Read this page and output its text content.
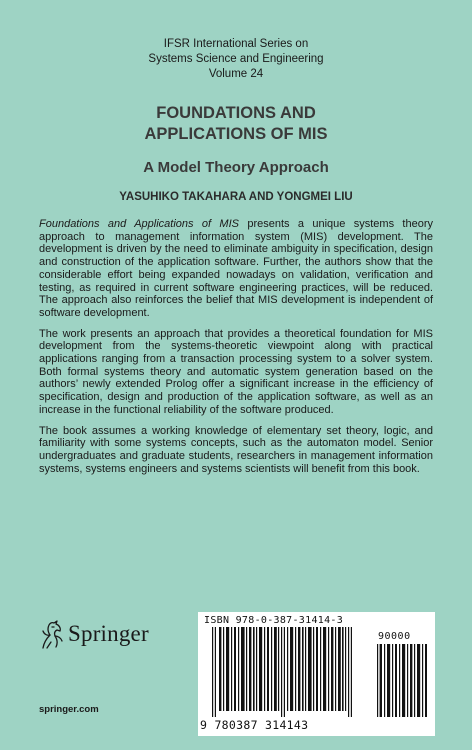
IFSR International Series on
Systems Science and Engineering
Volume 24
FOUNDATIONS AND
APPLICATIONS OF MIS
A Model Theory Approach
YASUHIKO TAKAHARA AND YONGMEI LIU

Foundations and Applications of MIS presents a unique systems theory approach to management information system (MIS) development. The development is driven by the need to eliminate ambiguity in specification, design and construction of the application software. Further, the authors show that the considerable effort being expanded nowadays on validation, verification and testing, as required in current software engineering practices, will be reduced. The approach also reinforces the belief that MIS development is independent of software development.

The work presents an approach that provides a theoretical foundation for MIS development from the systems-theoretic viewpoint along with practical applications ranging from a transaction processing system to a solver system. Both formal systems theory and automatic system generation based on the authors’ newly extended Prolog offer a significant increase in the efficiency of specification, design and production of the application software, as well as an increase in the functional reliability of the software produced.

The book assumes a working knowledge of elementary set theory, logic, and familiarity with some systems concepts, such as the automaton model. Senior undergraduates and graduate students, researchers in management information systems, systems engineers and systems scientists will benefit from this book.

Springer
springer.com
ISBN 978-0-387-31414-3
90000
9 780387 314143
